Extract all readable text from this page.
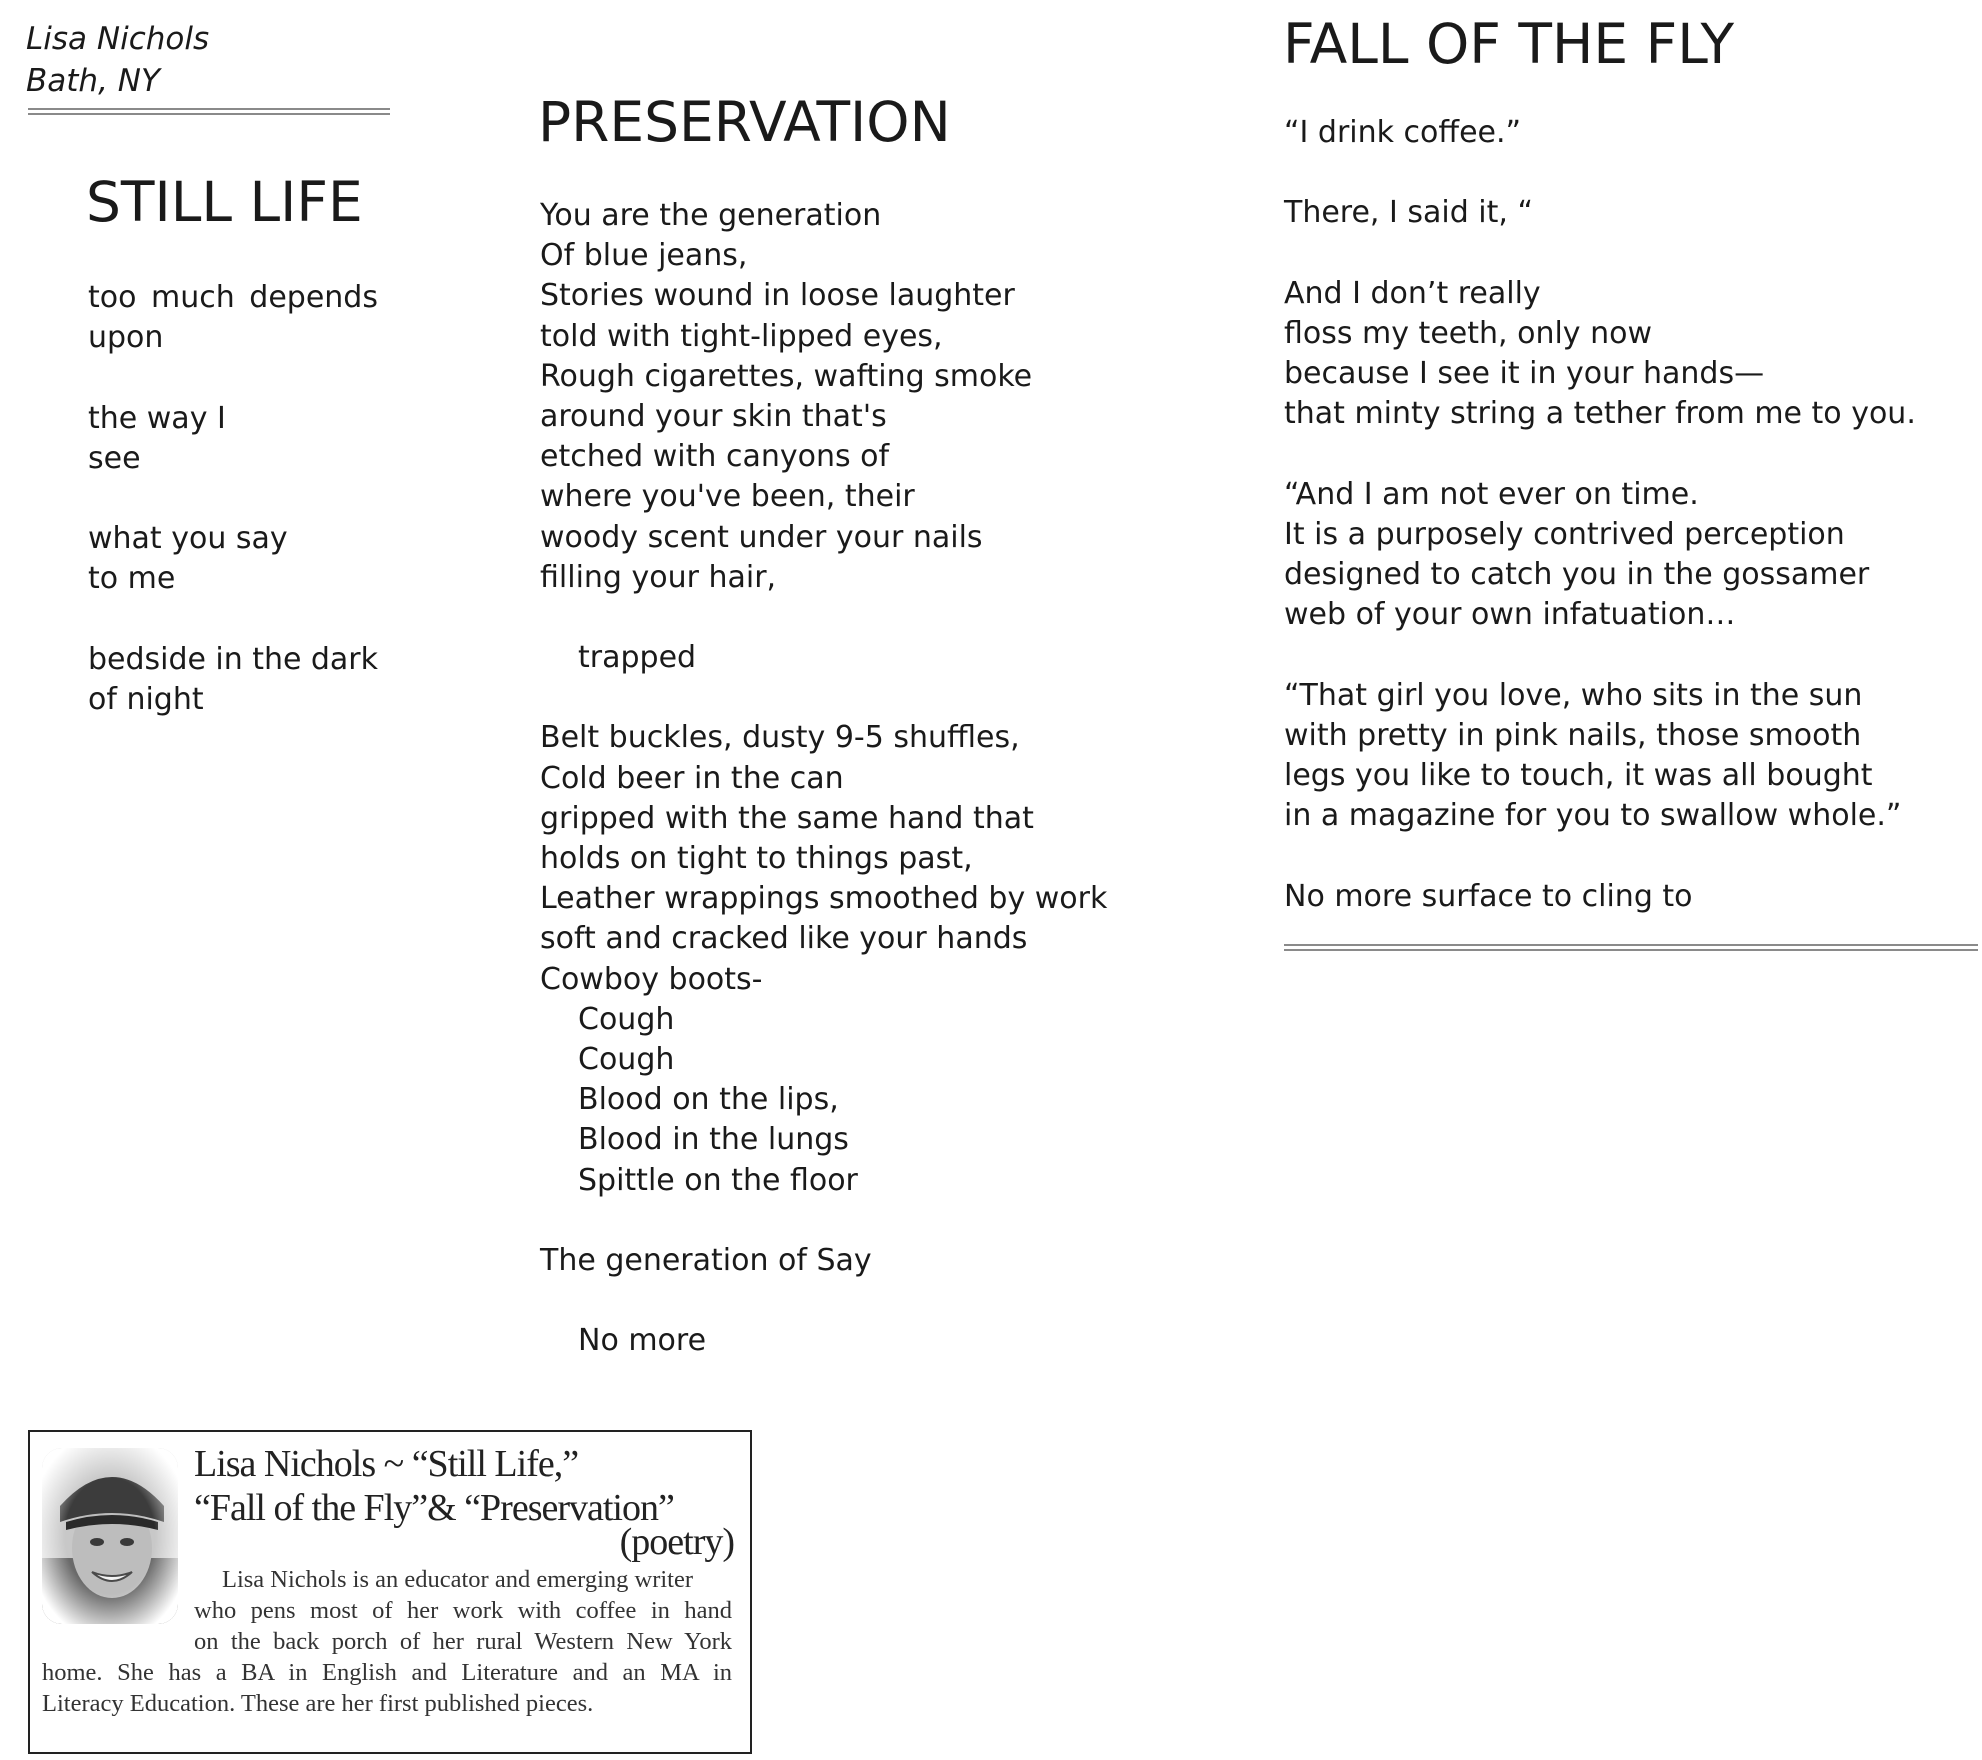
Lisa Nichols
Bath, NY
STILL LIFE
too much depends
upon
the way I
see
what you say
to me
bedside in the dark
of night
PRESERVATION
You are the generation
Of blue jeans,
Stories wound in loose laughter
told with tight-lipped eyes,
Rough cigarettes, wafting smoke
around your skin that's
etched with canyons of
where you've been, their
woody scent under your nails
filling your hair,
trapped
Belt buckles, dusty 9-5 shuffles,
Cold beer in the can
gripped with the same hand that
holds on tight to things past,
Leather wrappings smoothed by work
soft and cracked like your hands
Cowboy boots-
Cough
Cough
Blood on the lips,
Blood in the lungs
Spittle on the floor
The generation of Say
No more
FALL OF THE FLY
“I drink coffee.”
There, I said it, “
And I don’t really
floss my teeth, only now
because I see it in your hands—
that minty string a tether from me to you.
“And I am not ever on time.
It is a purposely contrived perception
designed to catch you in the gossamer
web of your own infatuation…
“That girl you love, who sits in the sun
with pretty in pink nails, those smooth
legs you like to touch, it was all bought
in a magazine for you to swallow whole.”
No more surface to cling to
Lisa Nichols ~ “Still Life,”
“Fall of the Fly”& “Preservation”
(poetry)
Lisa Nichols is an educator and emerging writer
who pens most of her work with coffee in hand
on the back porch of her rural Western New York
home. She has a BA in English and Literature and an MA in
Literacy Education. These are her first published pieces.
